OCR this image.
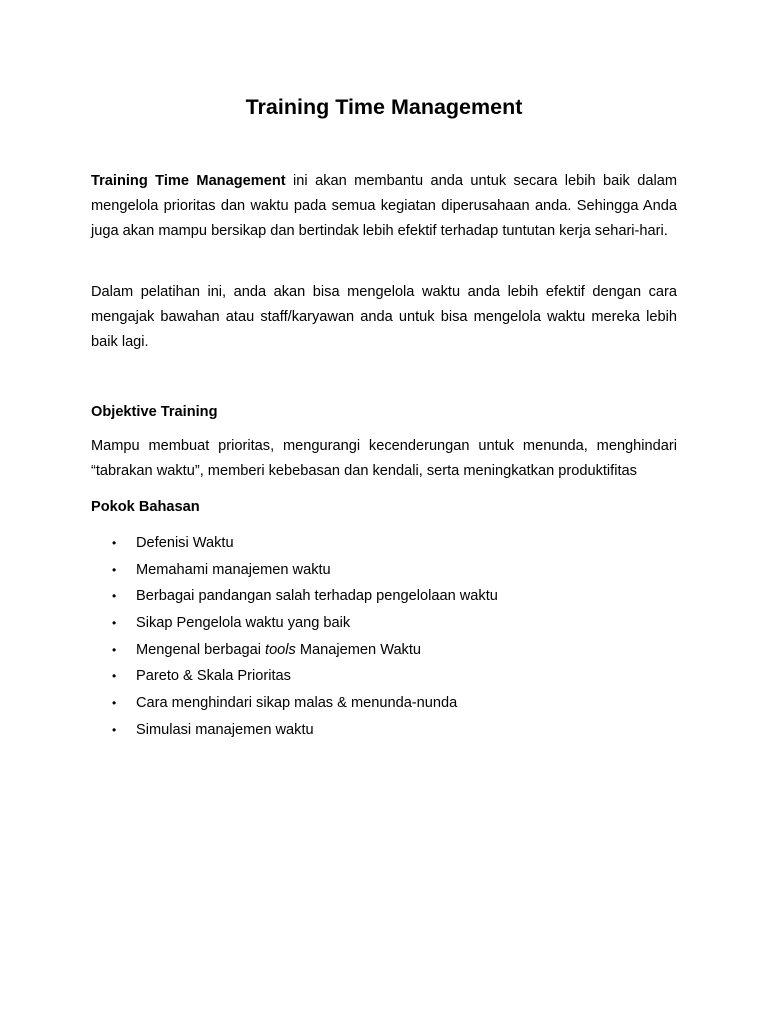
Training Time Management

Training Time Management ini akan membantu anda untuk secara lebih baik dalam mengelola prioritas dan waktu pada semua kegiatan diperusahaan anda. Sehingga Anda juga akan mampu bersikap dan bertindak lebih efektif terhadap tuntutan kerja sehari-hari.

Dalam pelatihan ini, anda akan bisa mengelola waktu anda lebih efektif dengan cara mengajak bawahan atau staff/karyawan anda untuk bisa mengelola waktu mereka lebih baik lagi.

Objektive Training

Mampu membuat prioritas, mengurangi kecenderungan untuk menunda, menghindari “tabrakan waktu”, memberi kebebasan dan kendali, serta meningkatkan produktifitas

Pokok Bahasan

• Defenisi Waktu
• Memahami manajemen waktu
• Berbagai pandangan salah terhadap pengelolaan waktu
• Sikap Pengelola waktu yang baik
• Mengenal berbagai tools Manajemen Waktu
• Pareto & Skala Prioritas
• Cara menghindari sikap malas & menunda-nunda
• Simulasi manajemen waktu
